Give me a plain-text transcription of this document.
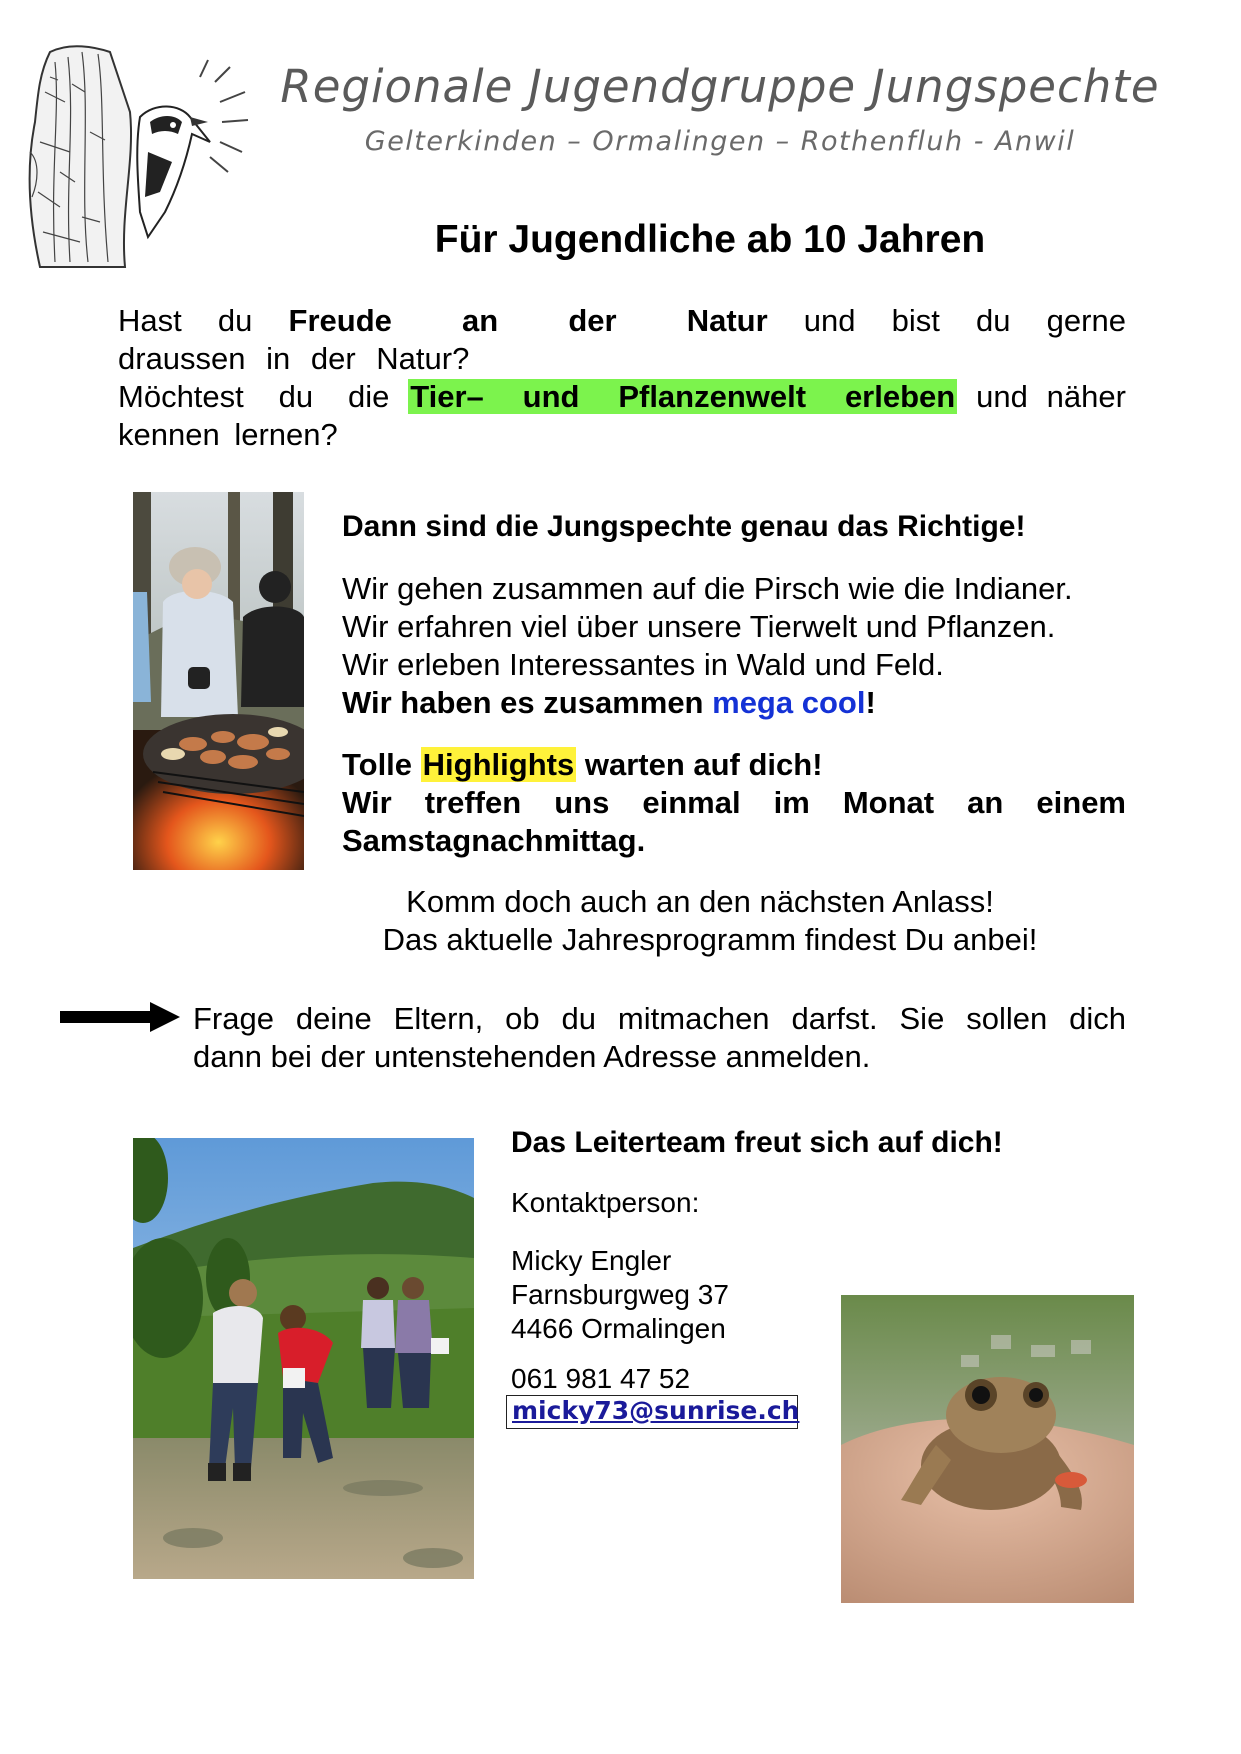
Regionale Jugendgruppe Jungspechte
Gelterkinden – Ormalingen – Rothenfluh - Anwil
Für Jugendliche ab 10 Jahren
Hast du Freude an der Natur und bist du gerne
draussen in der Natur?
Möchtest du die Tier– und Pflanzenwelt erleben und näher
kennen lernen?
Dann sind die Jungspechte genau das Richtige!
Wir gehen zusammen auf die Pirsch wie die Indianer.
Wir erfahren viel über unsere Tierwelt und Pflanzen.
Wir erleben Interessantes in Wald und Feld.
Wir haben es zusammen mega cool!
Tolle Highlights warten auf dich!
Wir treffen uns einmal im Monat an einem
Samstagnachmittag.
Komm doch auch an den nächsten Anlass!
Das aktuelle Jahresprogramm findest Du anbei!
Frage deine Eltern, ob du mitmachen darfst. Sie sollen dich
dann bei der untenstehenden Adresse anmelden.
Das Leiterteam freut sich auf dich!
Kontaktperson:
Micky Engler
Farnsburgweg 37
4466 Ormalingen
061 981 47 52
micky73@sunrise.ch
